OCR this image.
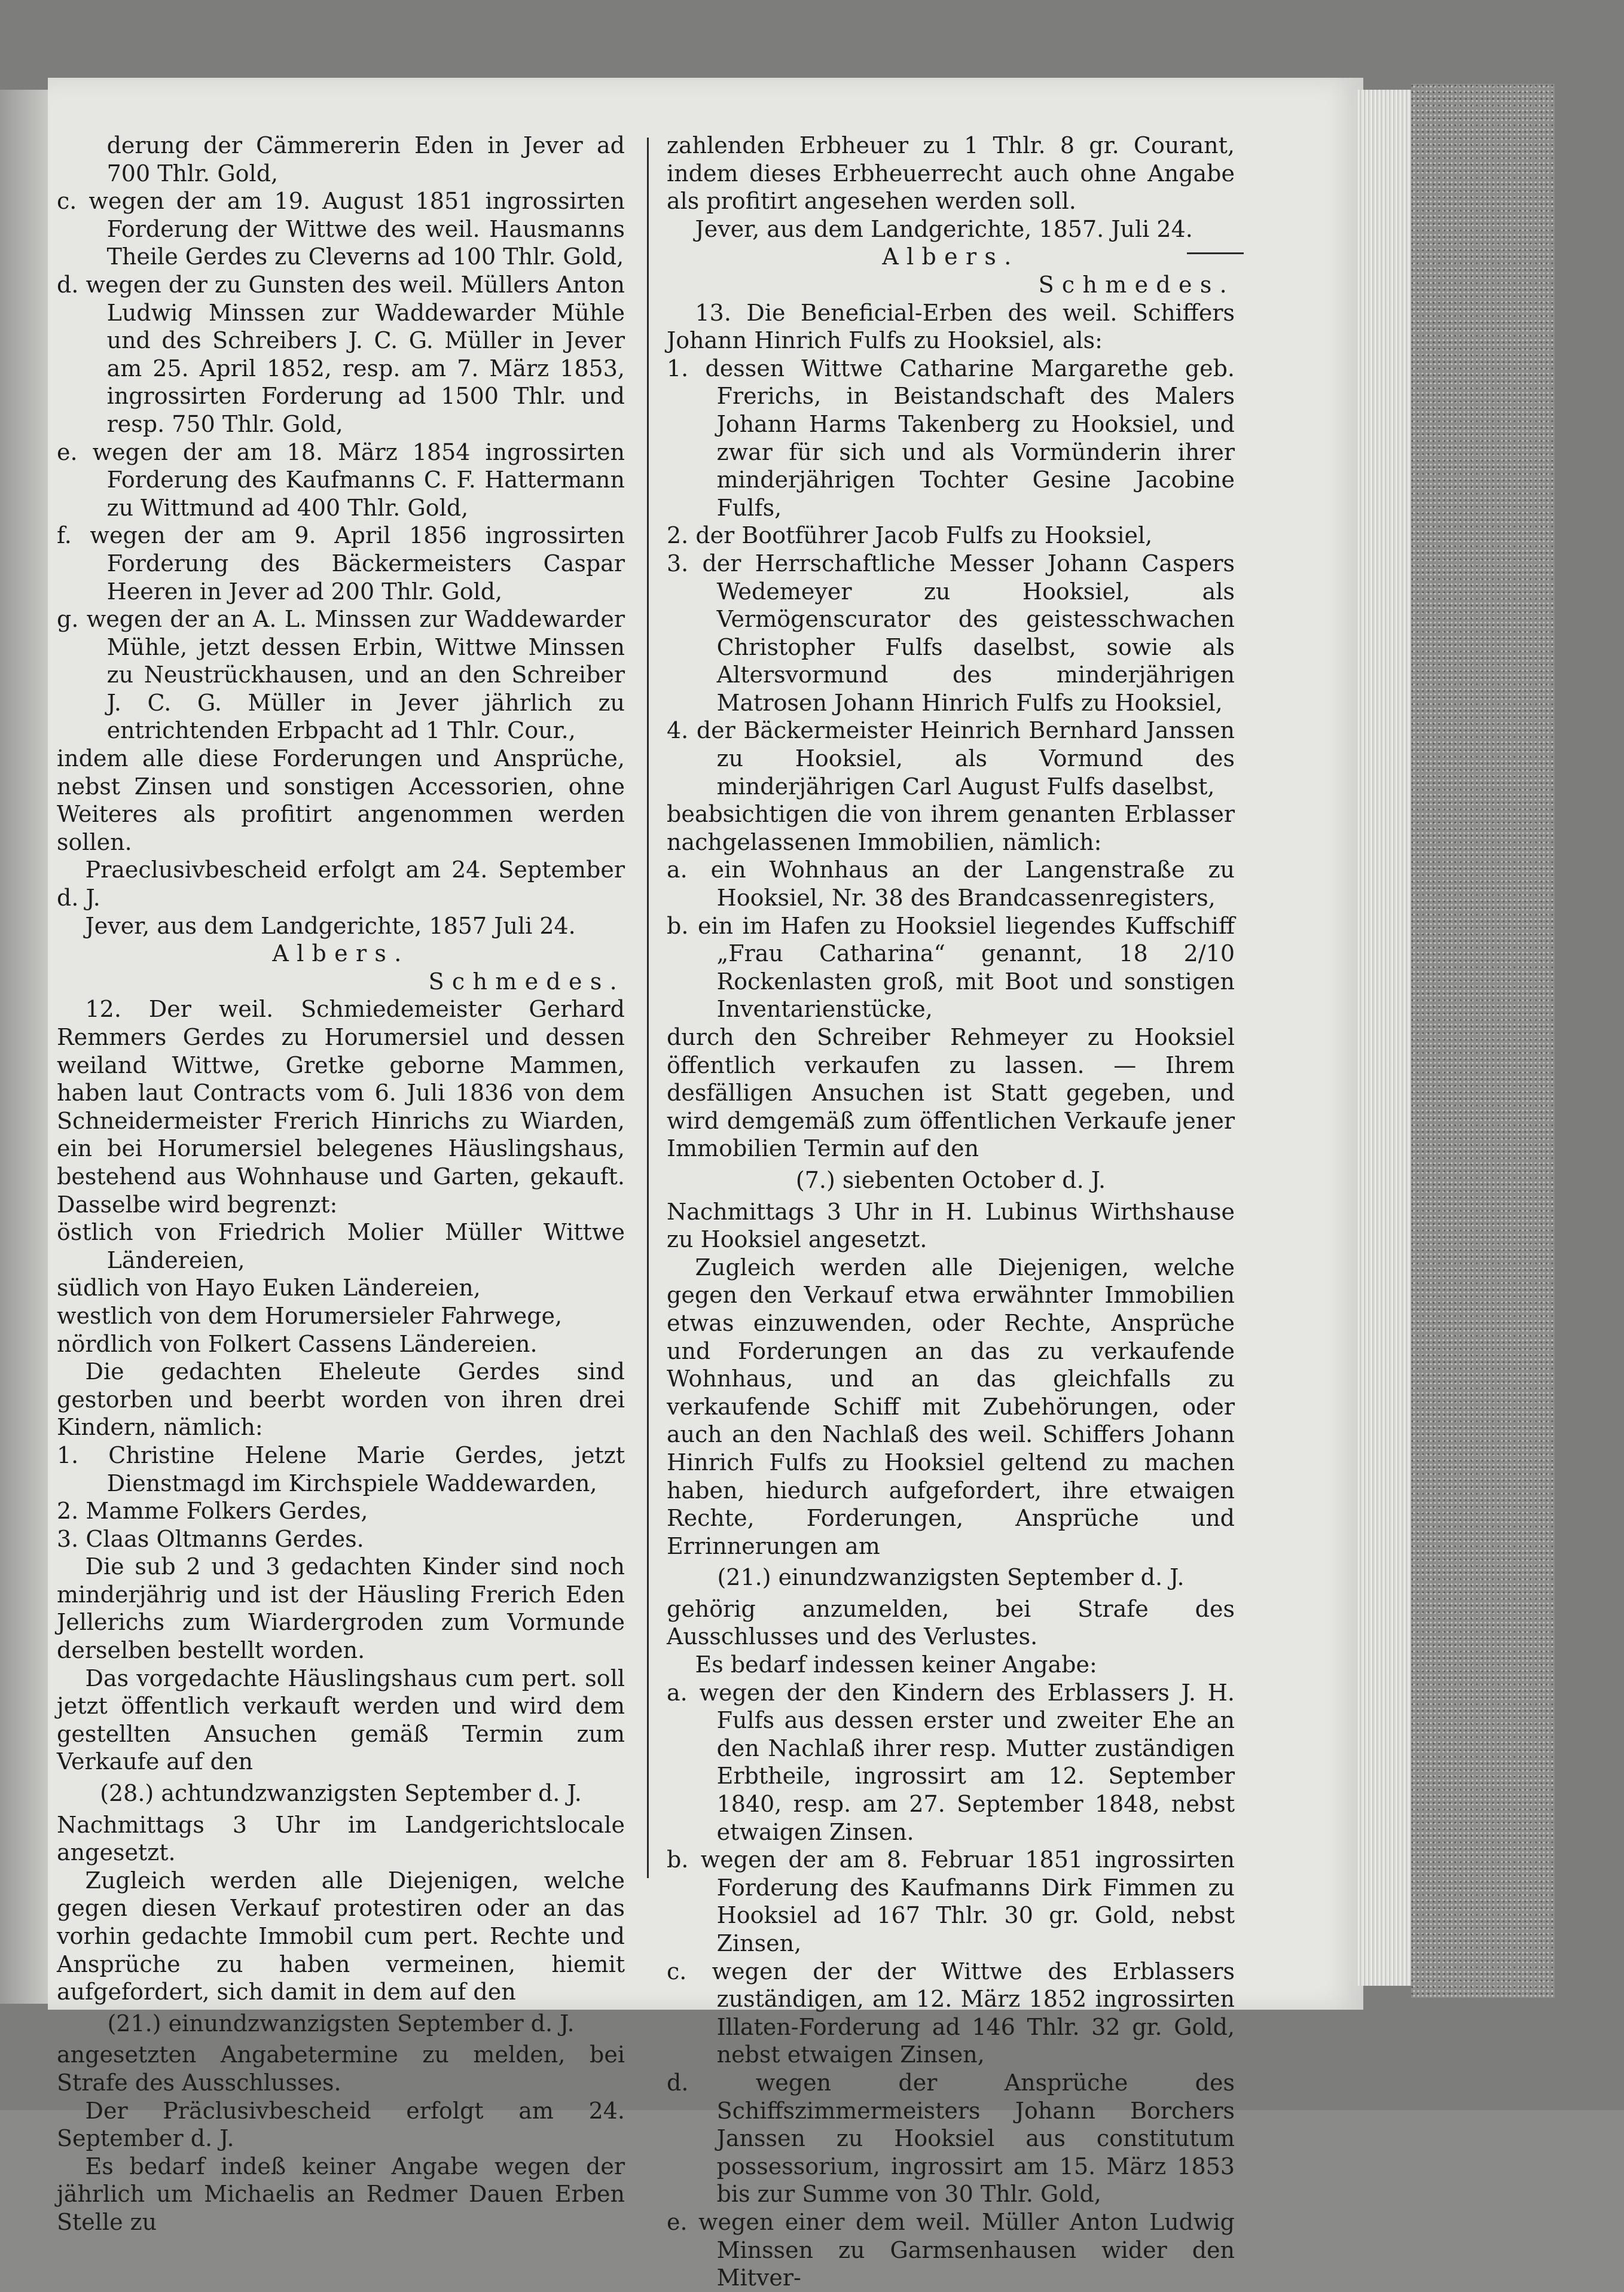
derung der Cämmererin Eden in Jever ad 700 Thlr. Gold,

c. wegen der am 19. August 1851 ingrossirten Forderung der Wittwe des weil. Hausmanns Theile Gerdes zu Cleverns ad 100 Thlr. Gold,

d. wegen der zu Gunsten des weil. Müllers Anton Ludwig Minssen zur Waddewarder Mühle und des Schreibers J. C. G. Müller in Jever am 25. April 1852, resp. am 7. März 1853, ingrossirten Forderung ad 1500 Thlr. und resp. 750 Thlr. Gold,

e. wegen der am 18. März 1854 ingrossirten Forderung des Kaufmanns C. F. Hattermann zu Wittmund ad 400 Thlr. Gold,

f. wegen der am 9. April 1856 ingrossirten Forderung des Bäckermeisters Caspar Heeren in Jever ad 200 Thlr. Gold,

g. wegen der an A. L. Minssen zur Waddewarder Mühle, jetzt dessen Erbin, Wittwe Minssen zu Neustrückhausen, und an den Schreiber J. C. G. Müller in Jever jährlich zu entrichtenden Erbpacht ad 1 Thlr. Cour.,

indem alle diese Forderungen und Ansprüche, nebst Zinsen und sonstigen Accessorien, ohne Weiteres als profitirt angenommen werden sollen.

Praeclusivbescheid erfolgt am 24. September d. J.

Jever, aus dem Landgerichte, 1857 Juli 24.

Albers.

Schmedes.

12. Der weil. Schmiedemeister Gerhard Remmers Gerdes zu Horumersiel und dessen weiland Wittwe, Gretke geborne Mammen, haben laut Contracts vom 6. Juli 1836 von dem Schneidermeister Frerich Hinrichs zu Wiarden, ein bei Horumersiel belegenes Häuslingshaus, bestehend aus Wohnhause und Garten, gekauft. Dasselbe wird begrenzt:

östlich von Friedrich Molier Müller Wittwe Ländereien,

südlich von Hayo Euken Ländereien,

westlich von dem Horumersieler Fahrwege,

nördlich von Folkert Cassens Ländereien.

Die gedachten Eheleute Gerdes sind gestorben und beerbt worden von ihren drei Kindern, nämlich:

1. Christine Helene Marie Gerdes, jetzt Dienstmagd im Kirchspiele Waddewarden,

2. Mamme Folkers Gerdes,

3. Claas Oltmanns Gerdes.

Die sub 2 und 3 gedachten Kinder sind noch minderjährig und ist der Häusling Frerich Eden Jellerichs zum Wiardergroden zum Vormunde derselben bestellt worden.

Das vorgedachte Häuslingshaus cum pert. soll jetzt öffentlich verkauft werden und wird dem gestellten Ansuchen gemäß Termin zum Verkaufe auf den

(28.) achtundzwanzigsten September d. J.

Nachmittags 3 Uhr im Landgerichtslocale angesetzt.

Zugleich werden alle Diejenigen, welche gegen diesen Verkauf protestiren oder an das vorhin gedachte Immobil cum pert. Rechte und Ansprüche zu haben vermeinen, hiemit aufgefordert, sich damit in dem auf den

(21.) einundzwanzigsten September d. J.

angesetzten Angabetermine zu melden, bei Strafe des Ausschlusses.

Der Präclusivbescheid erfolgt am 24. September d. J.

Es bedarf indeß keiner Angabe wegen der jährlich um Michaelis an Redmer Dauen Erben Stelle zu

zahlenden Erbheuer zu 1 Thlr. 8 gr. Courant, indem dieses Erbheuerrecht auch ohne Angabe als profitirt angesehen werden soll.

Jever, aus dem Landgerichte, 1857. Juli 24.

Albers.

Schmedes.

13. Die Beneficial-Erben des weil. Schiffers Johann Hinrich Fulfs zu Hooksiel, als:

1. dessen Wittwe Catharine Margarethe geb. Frerichs, in Beistandschaft des Malers Johann Harms Takenberg zu Hooksiel, und zwar für sich und als Vormünderin ihrer minderjährigen Tochter Gesine Jacobine Fulfs,

2. der Bootführer Jacob Fulfs zu Hooksiel,

3. der Herrschaftliche Messer Johann Caspers Wedemeyer zu Hooksiel, als Vermögenscurator des geistesschwachen Christopher Fulfs daselbst, sowie als Altersvormund des minderjährigen Matrosen Johann Hinrich Fulfs zu Hooksiel,

4. der Bäckermeister Heinrich Bernhard Janssen zu Hooksiel, als Vormund des minderjährigen Carl August Fulfs daselbst,

beabsichtigen die von ihrem genanten Erblasser nachgelassenen Immobilien, nämlich:

a. ein Wohnhaus an der Langenstraße zu Hooksiel, Nr. 38 des Brandcassenregisters,

b. ein im Hafen zu Hooksiel liegendes Kuffschiff „Frau Catharina“ genannt, 18 2/10 Rockenlasten groß, mit Boot und sonstigen Inventarienstücke,

durch den Schreiber Rehmeyer zu Hooksiel öffentlich verkaufen zu lassen. — Ihrem desfälligen Ansuchen ist Statt gegeben, und wird demgemäß zum öffentlichen Verkaufe jener Immobilien Termin auf den

(7.) siebenten October d. J.

Nachmittags 3 Uhr in H. Lubinus Wirthshause zu Hooksiel angesetzt.

Zugleich werden alle Diejenigen, welche gegen den Verkauf etwa erwähnter Immobilien etwas einzuwenden, oder Rechte, Ansprüche und Forderungen an das zu verkaufende Wohnhaus, und an das gleichfalls zu verkaufende Schiff mit Zubehörungen, oder auch an den Nachlaß des weil. Schiffers Johann Hinrich Fulfs zu Hooksiel geltend zu machen haben, hiedurch aufgefordert, ihre etwaigen Rechte, Forderungen, Ansprüche und Errinnerungen am

(21.) einundzwanzigsten September d. J.

gehörig anzumelden, bei Strafe des Ausschlusses und des Verlustes.

Es bedarf indessen keiner Angabe:

a. wegen der den Kindern des Erblassers J. H. Fulfs aus dessen erster und zweiter Ehe an den Nachlaß ihrer resp. Mutter zuständigen Erbtheile, ingrossirt am 12. September 1840, resp. am 27. September 1848, nebst etwaigen Zinsen.

b. wegen der am 8. Februar 1851 ingrossirten Forderung des Kaufmanns Dirk Fimmen zu Hooksiel ad 167 Thlr. 30 gr. Gold, nebst Zinsen,

c. wegen der der Wittwe des Erblassers zuständigen, am 12. März 1852 ingrossirten Illaten-Forderung ad 146 Thlr. 32 gr. Gold, nebst etwaigen Zinsen,

d. wegen der Ansprüche des Schiffszimmermeisters Johann Borchers Janssen zu Hooksiel aus constitutum possessorium, ingrossirt am 15. März 1853 bis zur Summe von 30 Thlr. Gold,

e. wegen einer dem weil. Müller Anton Ludwig Minssen zu Garmsenhausen wider den Mitver-
